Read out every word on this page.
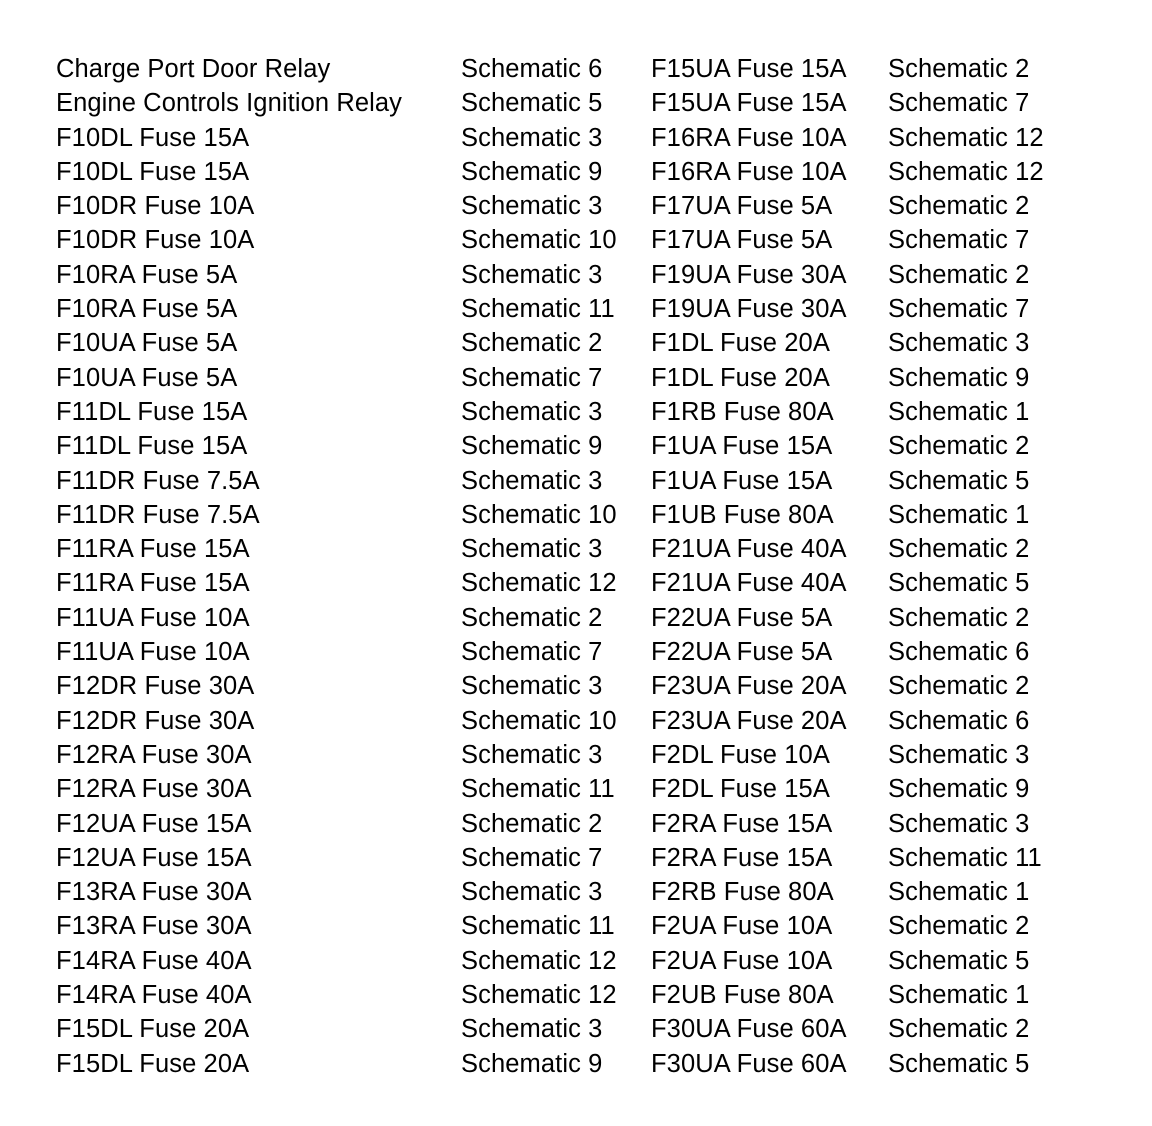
Charge Port Door Relay	Schematic 6 F15UA Fuse 15A Schematic 2
Engine Controls Ignition Relay Schematic 5 F15UA Fuse 15A Schematic 7
F10DL Fuse 15A	Schematic 3 F16RA Fuse 10A Schematic 12
F10DL Fuse 15A	Schematic 9 F16RA Fuse 10A Schematic 12
F10DR Fuse 10A	Schematic 3 F17UA Fuse 5A Schematic 2
F10DR Fuse 10A	Schematic 10 F17UA Fuse 5A Schematic 7
F10RA Fuse 5A	Schematic 3 F19UA Fuse 30A Schematic 2
F10RA Fuse 5A	Schematic 11 F19UA Fuse 30A Schematic 7
F10UA Fuse 5A	Schematic 2 F1DL Fuse 20A Schematic 3
F10UA Fuse 5A	Schematic 7 F1DL Fuse 20A Schematic 9
F11DL Fuse 15A	Schematic 3 F1RB Fuse 80A Schematic 1
F11DL Fuse 15A	Schematic 9 F1UA Fuse 15A Schematic 2
F11DR Fuse 7.5A	Schematic 3 F1UA Fuse 15A Schematic 5
F11DR Fuse 7.5A	Schematic 10 F1UB Fuse 80A Schematic 1
F11RA Fuse 15A	Schematic 3 F21UA Fuse 40A Schematic 2
F11RA Fuse 15A	Schematic 12 F21UA Fuse 40A Schematic 5
F11UA Fuse 10A	Schematic 2 F22UA Fuse 5A Schematic 2
F11UA Fuse 10A	Schematic 7 F22UA Fuse 5A Schematic 6
F12DR Fuse 30A	Schematic 3 F23UA Fuse 20A Schematic 2
F12DR Fuse 30A	Schematic 10 F23UA Fuse 20A Schematic 6
F12RA Fuse 30A	Schematic 3 F2DL Fuse 10A Schematic 3
F12RA Fuse 30A	Schematic 11 F2DL Fuse 15A Schematic 9
F12UA Fuse 15A	Schematic 2 F2RA Fuse 15A Schematic 3
F12UA Fuse 15A	Schematic 7 F2RA Fuse 15A Schematic 11
F13RA Fuse 30A	Schematic 3 F2RB Fuse 80A Schematic 1
F13RA Fuse 30A	Schematic 11 F2UA Fuse 10A Schematic 2
F14RA Fuse 40A	Schematic 12 F2UA Fuse 10A Schematic 5
F14RA Fuse 40A	Schematic 12 F2UB Fuse 80A Schematic 1
F15DL Fuse 20A	Schematic 3 F30UA Fuse 60A Schematic 2
F15DL Fuse 20A	Schematic 9 F30UA Fuse 60A Schematic 5
